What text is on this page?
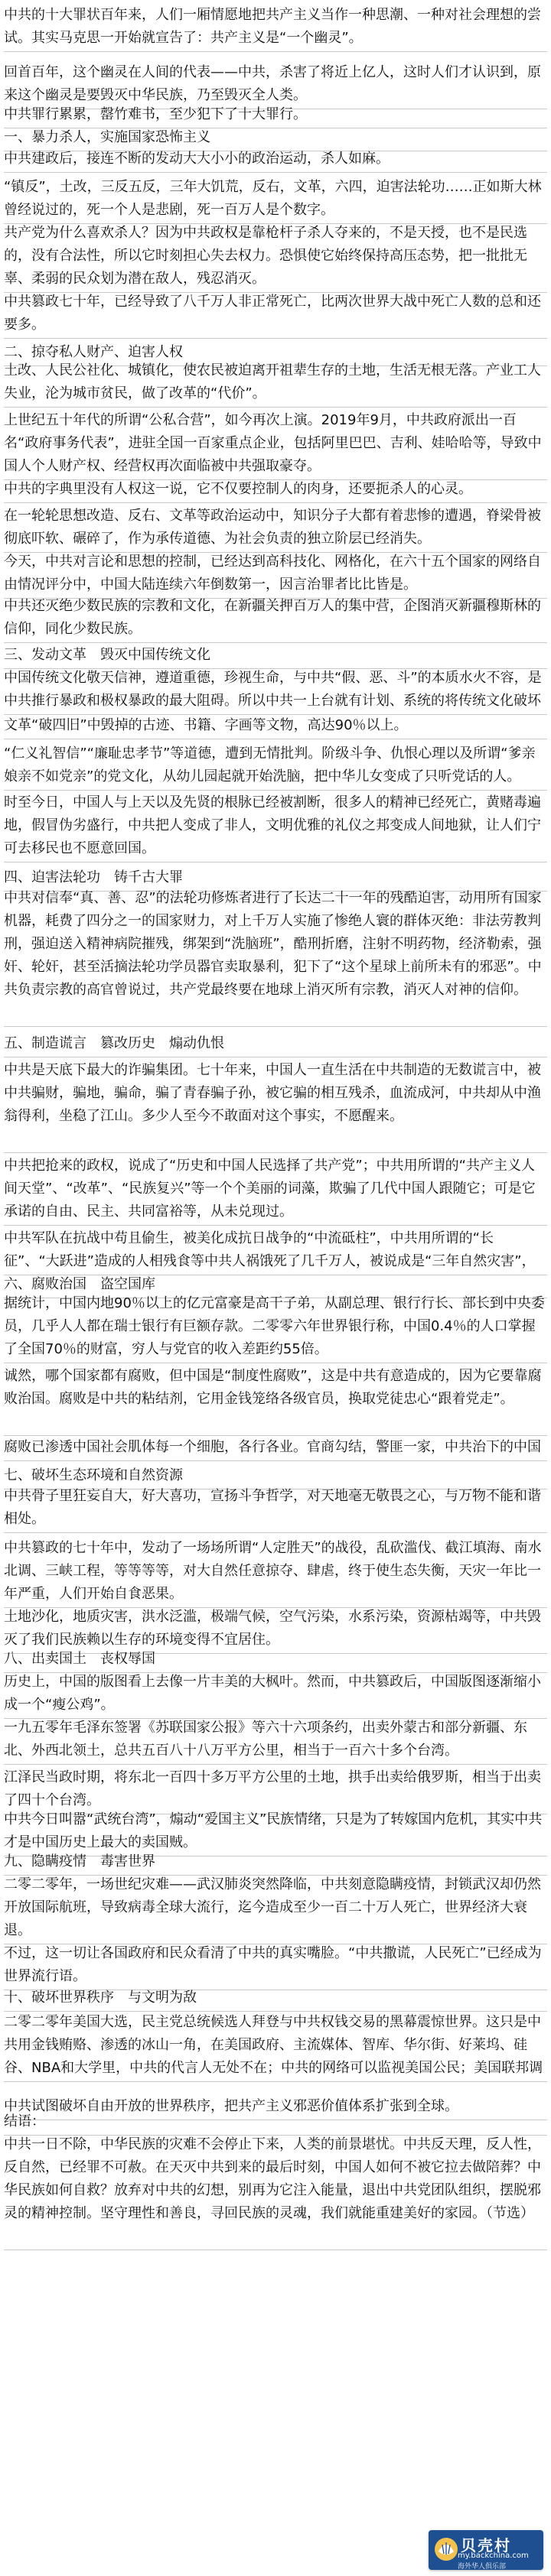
中共的十大罪状百年来，人们一厢情愿地把共产主义当作一种思潮、一种对社会理想的尝试。其实马克思一开始就宣告了：共产主义是“一个幽灵”。

回首百年，这个幽灵在人间的代表——中共，杀害了将近上亿人，这时人们才认识到，原来这个幽灵是要毁灭中华民族，乃至毁灭全人类。

中共罪行累累，罄竹难书，至少犯下了十大罪行。

一、暴力杀人，实施国家恐怖主义

中共建政后，接连不断的发动大大小小的政治运动，杀人如麻。

“镇反”，土改，三反五反，三年大饥荒，反右，文革，六四，迫害法轮功……正如斯大林曾经说过的，死一个人是悲剧，死一百万人是个数字。

共产党为什么喜欢杀人？因为中共政权是靠枪杆子杀人夺来的，不是天授，也不是民选的，没有合法性，所以它时刻担心失去权力。恐惧使它始终保持高压态势，把一批批无辜、柔弱的民众划为潜在敌人，残忍消灭。

中共篡政七十年，已经导致了八千万人非正常死亡，比两次世界大战中死亡人数的总和还要多。

二、掠夺私人财产、迫害人权

土改、人民公社化、城镇化，使农民被迫离开祖辈生存的土地，生活无根无落。产业工人失业，沦为城市贫民，做了改革的“代价”。

上世纪五十年代的所谓“公私合营”，如今再次上演。2019年9月，中共政府派出一百名“政府事务代表”，进驻全国一百家重点企业，包括阿里巴巴、吉利、娃哈哈等，导致中国人个人财产权、经营权再次面临被中共强取豪夺。

中共的字典里没有人权这一说，它不仅要控制人的肉身，还要扼杀人的心灵。

在一轮轮思想改造、反右、文革等政治运动中，知识分子大都有着悲惨的遭遇，脊梁骨被彻底吓软、碾碎了，作为承传道德、为社会负责的独立阶层已经消失。

今天，中共对言论和思想的控制，已经达到高科技化、网格化，在六十五个国家的网络自由情况评分中，中国大陆连续六年倒数第一，因言治罪者比比皆是。

中共还灭绝少数民族的宗教和文化，在新疆关押百万人的集中营，企图消灭新疆穆斯林的信仰，同化少数民族。

三、发动文革　毁灭中国传统文化

中国传统文化敬天信神，遵道重德，珍视生命，与中共“假、恶、斗”的本质水火不容，是中共推行暴政和极权暴政的最大阻碍。所以中共一上台就有计划、系统的将传统文化破坏

文革“破四旧”中毁掉的古迹、书籍、字画等文物，高达90％以上。

“仁义礼智信”“廉耻忠孝节”等道德，遭到无情批判。阶级斗争、仇恨心理以及所谓“爹亲娘亲不如党亲”的党文化，从幼儿园起就开始洗脑，把中华儿女变成了只听党话的人。

时至今日，中国人与上天以及先贤的根脉已经被割断，很多人的精神已经死亡，黄赌毒遍地，假冒伪劣盛行，中共把人变成了非人，文明优雅的礼仪之邦变成人间地狱，让人们宁可去移民也不愿意回国。

四、迫害法轮功　铸千古大罪

中共对信奉“真、善、忍”的法轮功修炼者进行了长达二十一年的残酷迫害，动用所有国家机器，耗费了四分之一的国家财力，对上千万人实施了惨绝人寰的群体灭绝：非法劳教判刑，强迫送入精神病院摧残，绑架到“洗脑班”，酷刑折磨，注射不明药物，经济勒索，强奸、轮奸，甚至活摘法轮功学员器官卖取暴利，犯下了“这个星球上前所未有的邪恶”。中共负责宗教的高官曾说过，共产党最终要在地球上消灭所有宗教，消灭人对神的信仰。

五、制造谎言　篡改历史　煽动仇恨

中共是天底下最大的诈骗集团。七十年来，中国人一直生活在中共制造的无数谎言中，被中共骗财，骗地，骗命，骗了青春骗子孙，被它骗的相互残杀，血流成河，中共却从中渔翁得利，坐稳了江山。多少人至今不敢面对这个事实，不愿醒来。

中共把抢来的政权，说成了“历史和中国人民选择了共产党”；中共用所谓的“共产主义人间天堂”、“改革”、“民族复兴”等一个个美丽的词藻，欺骗了几代中国人跟随它；可是它承诺的自由、民主、共同富裕等，从未兑现过。

中共军队在抗战中苟且偷生，被美化成抗日战争的“中流砥柱”，中共用所谓的“长征”、“大跃进”造成的人相残食等中共人祸饿死了几千万人，被说成是“三年自然灾害”，

六、腐败治国　盗空国库

据统计，中国内地90％以上的亿元富豪是高干子弟，从副总理、银行行长、部长到中央委员，几乎人人都在瑞士银行有巨额存款。二零零六年世界银行称，中国0.4％的人口掌握了全国70％的财富，穷人与党官的收入差距约55倍。

诚然，哪个国家都有腐败，但中国是“制度性腐败”，这是中共有意造成的，因为它要靠腐败治国。腐败是中共的粘结剂，它用金钱笼络各级官员，换取党徒忠心“跟着党走”。

腐败已渗透中国社会肌体每一个细胞，各行各业。官商勾结，警匪一家，中共治下的中国

七、破坏生态环境和自然资源

中共骨子里狂妄自大，好大喜功，宣扬斗争哲学，对天地毫无敬畏之心，与万物不能和谐相处。

中共篡政的七十年中，发动了一场场所谓“人定胜天”的战役，乱砍滥伐、截江填海、南水北调、三峡工程，等等等等，对大自然任意掠夺、肆虐，终于使生态失衡，天灾一年比一年严重，人们开始自食恶果。

土地沙化，地质灾害，洪水泛滥，极端气候，空气污染，水系污染，资源枯竭等，中共毁灭了我们民族赖以生存的环境变得不宜居住。

八、出卖国土　丧权辱国

历史上，中国的版图看上去像一片丰美的大枫叶。然而，中共篡政后，中国版图逐渐缩小成一个“瘦公鸡”。

一九五零年毛泽东签署《苏联国家公报》等六十六项条约，出卖外蒙古和部分新疆、东北、外西北领土，总共五百八十八万平方公里，相当于一百六十多个台湾。

江泽民当政时期，将东北一百四十多万平方公里的土地，拱手出卖给俄罗斯，相当于出卖了四十个台湾。

中共今日叫嚣“武统台湾”，煽动“爱国主义”民族情绪，只是为了转嫁国内危机，其实中共才是中国历史上最大的卖国贼。

九、隐瞒疫情　毒害世界

二零二零年，一场世纪灾难——武汉肺炎突然降临，中共刻意隐瞒疫情，封锁武汉却仍然开放国际航班，导致病毒全球大流行，迄今造成至少一百二十万人死亡，世界经济大衰退。

不过，这一切让各国政府和民众看清了中共的真实嘴脸。“中共撒谎，人民死亡”已经成为世界流行语。

十、破坏世界秩序　与文明为敌

二零二零年美国大选，民主党总统候选人拜登与中共权钱交易的黑幕震惊世界。这只是中共用金钱贿赂、渗透的冰山一角，在美国政府、主流媒体、智库、华尔街、好莱坞、硅谷、NBA和大学里，中共的代言人无处不在；中共的网络可以监视美国公民；美国联邦调

中共试图破坏自由开放的世界秩序，把共产主义邪恶价值体系扩张到全球。

结语：

中共一日不除，中华民族的灾难不会停止下来，人类的前景堪忧。中共反天理，反人性，反自然，已经罪不可赦。在天灭中共到来的最后时刻，中国人如何不被它拉去做陪葬？中华民族如何自救？放弃对中共的幻想，别再为它注入能量，退出中共党团队组织，摆脱邪灵的精神控制。坚守理性和善良，寻回民族的灵魂，我们就能重建美好的家园。（节选）

贝壳村
my.backchina.com
海外华人俱乐部
